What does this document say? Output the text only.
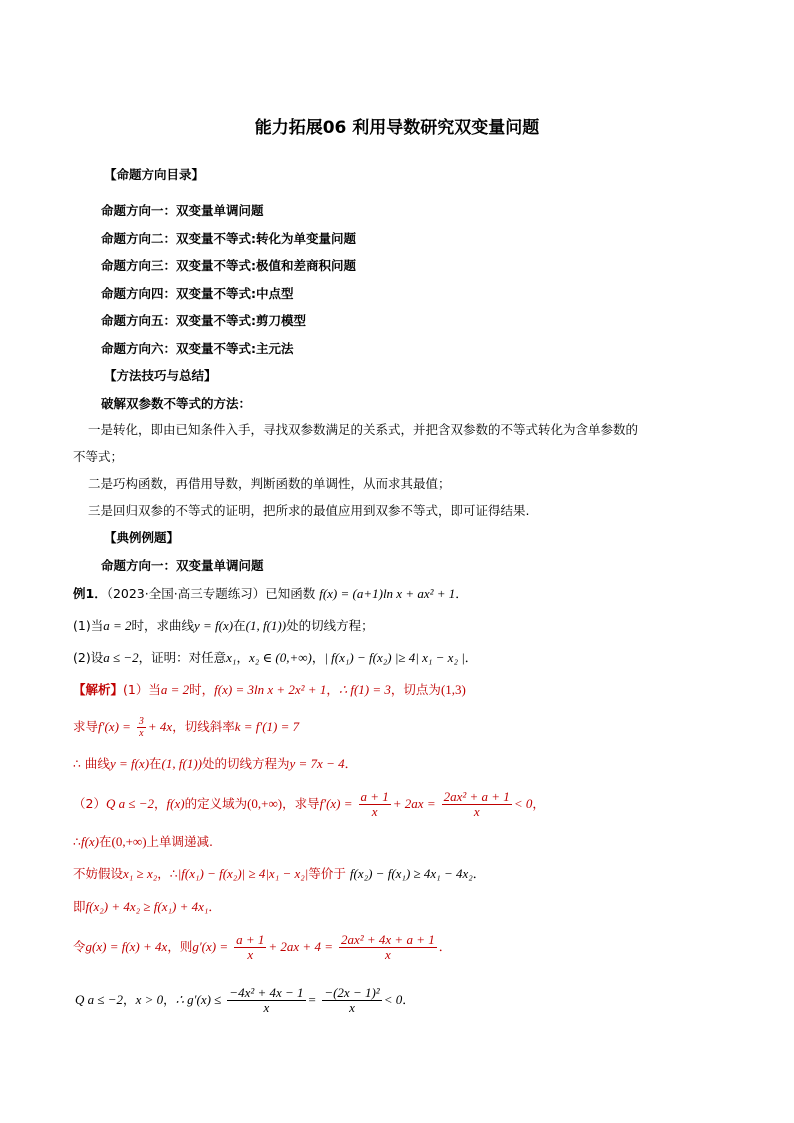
能力拓展06 利用导数研究双变量问题
【命题方向目录】
命题方向一：双变量单调问题
命题方向二：双变量不等式:转化为单变量问题
命题方向三：双变量不等式:极值和差商积问题
命题方向四：双变量不等式:中点型
命题方向五：双变量不等式:剪刀模型
命题方向六：双变量不等式:主元法
【方法技巧与总结】
破解双参数不等式的方法：
一是转化，即由已知条件入手，寻找双参数满足的关系式，并把含双参数的不等式转化为含单参数的
不等式；
二是巧构函数，再借用导数，判断函数的单调性，从而求其最值；
三是回归双参的不等式的证明，把所求的最值应用到双参不等式，即可证得结果.
【典例例题】
命题方向一：双变量单调问题
例1．（2023·全国·高三专题练习）已知函数 f(x) = (a+1)ln x + ax² + 1．
(1)当a = 2时，求曲线y = f(x)在(1, f(1))处的切线方程；
(2)设a ≤ −2，证明：对任意x₁，x₂ ∈ (0,+∞)，| f(x₁) − f(x₂) |≥ 4| x₁ − x₂ |．
【解析】(1）当a = 2时，f(x) = 3ln x + 2x² + 1，∴ f(1) = 3，切点为(1,3)
求导$f'(x) = \frac{3}{x} + 4x$，切线斜率k = f′(1) = 7
∴ 曲线y = f(x)在(1, f(1))处的切线方程为y = 7x − 4．
（2）Q a ≤ −2，f(x)的定义域为(0,+∞)，求导$f'(x) = \frac{a + 1}{x} + 2ax = \frac{\text{2ax² + a + 1}}{x} < 0$，
∴f(x)在(0,+∞)上单调递减.
不妨假设x₁ ≥ x₂，∴|f(x₁) − f(x₂)| ≥ 4|x₁ − x₂|等价于 f(x₂) − f(x₁) ≥ 4x₁ − 4x₂．
即f(x₂) + 4x₂ ≥ f(x₁) + 4x₁．
令g(x) = f(x) + 4x，则$g'(x) = \frac{a + 1}{x} + 2ax + 4 = \frac{\text{2ax² + 4x + a + 1}}{x}$ ．
Q a ≤ −2，x > 0，∴ $g'(x) \le \frac{\text{−4x² + 4x − 1}}{x} = \frac{\text{−(2x − 1)²}}{x} < 0$．
